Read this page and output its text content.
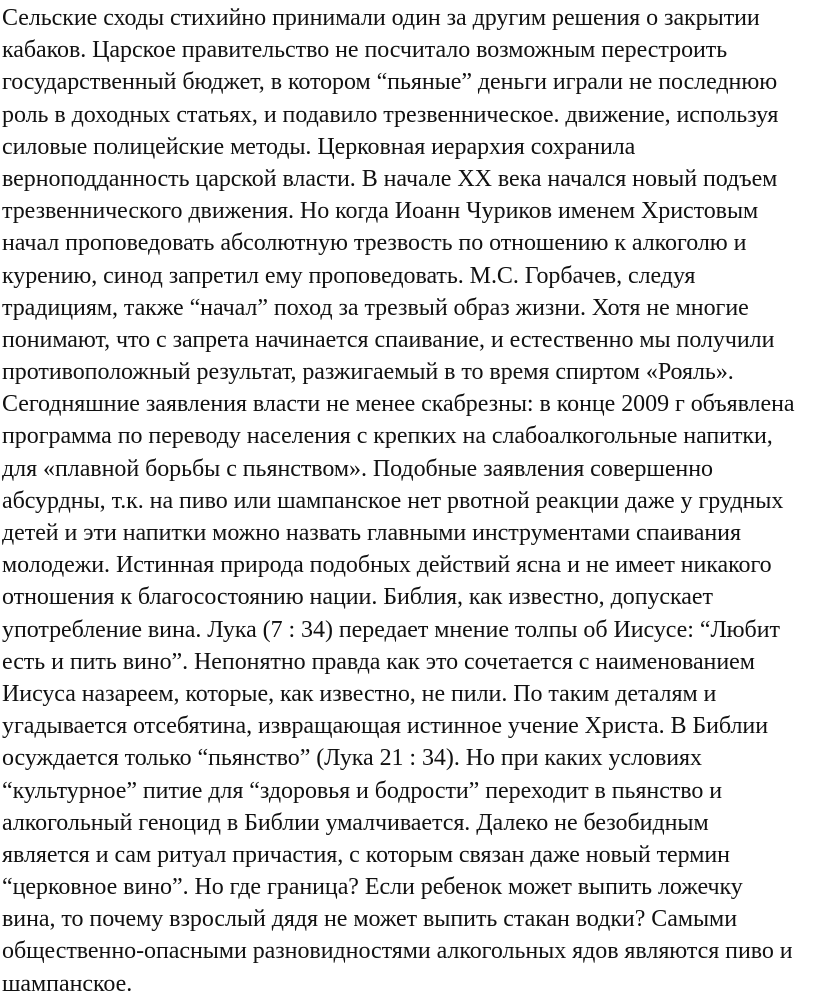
Сельские сходы стихийно принимали один за другим решения о закрытии
кабаков. Царское правительство не посчитало возможным перестроить
государственный бюджет, в котором “пьяные” деньги играли не последнюю
роль в доходных статьях, и подавило трезвенническое. движение, используя
силовые полицейские методы. Церковная иерархия сохранила
верноподданность царской власти. В начале ХХ века начался новый подъем
трезвеннического движения. Но когда Иоанн Чуриков именем Христовым
начал проповедовать абсолютную трезвость по отношению к алкоголю и
курению, синод запретил ему проповедовать. М.С. Горбачев, следуя
традициям, также “начал” поход за трезвый образ жизни. Хотя не многие
понимают, что с запрета начинается спаивание, и естественно мы получили
противоположный результат, разжигаемый в то время спиртом «Рояль».
Сегодняшние заявления власти не менее скабрезны: в конце 2009 г объявлена
программа по переводу населения с крепких на слабоалкогольные напитки,
для «плавной борьбы с пьянством». Подобные заявления совершенно
абсурдны, т.к. на пиво или шампанское нет рвотной реакции даже у грудных
детей и эти напитки можно назвать главными инструментами спаивания
молодежи. Истинная природа подобных действий ясна и не имеет никакого
отношения к благосостоянию нации. Библия, как известно, допускает
употребление вина. Лука (7 : 34) передает мнение толпы об Иисусе: “Любит
есть и пить вино”. Непонятно правда как это сочетается с наименованием
Иисуса назареем, которые, как известно, не пили. По таким деталям и
угадывается отсебятина, извращающая истинное учение Христа. В Библии
осуждается только “пьянство” (Лука 21 : 34). Но при каких условиях
“культурное” питие для “здоровья и бодрости” переходит в пьянство и
алкогольный геноцид в Библии умалчивается. Далеко не безобидным
является и сам ритуал причастия, с которым связан даже новый термин
“церковное вино”. Но где граница? Если ребенок может выпить ложечку
вина, то почему взрослый дядя не может выпить стакан водки? Самыми
общественно-опасными разновидностями алкогольных ядов являются пиво и
шампанское.
